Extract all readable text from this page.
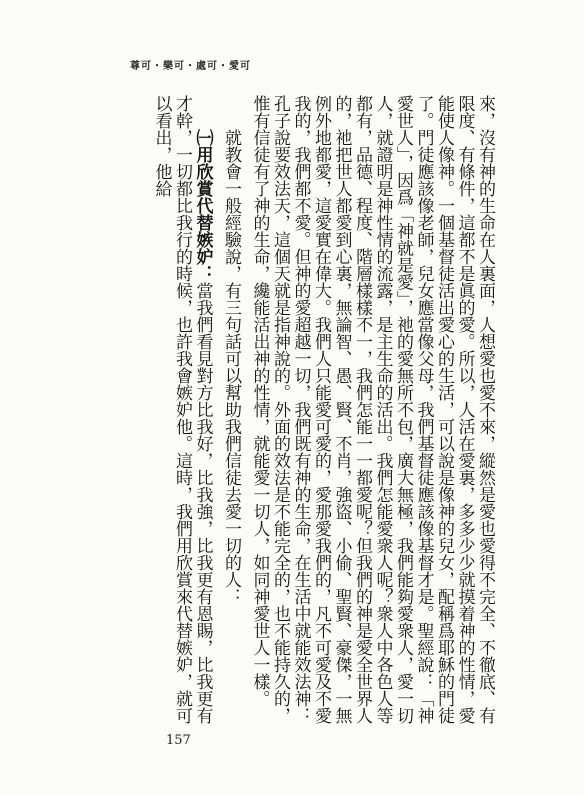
尊可・樂可・處可・愛可

來，沒有神的生命在人裏面，人想愛也愛不來，縱然是愛也愛得不完全、不徹底、有限度、有條件，這都不是眞的愛。所以，人活在愛裏，多多少少就摸着神的性情，愛能使人像神。一個基督徒活出愛心的生活，可以說是像神的兒女，配稱爲耶穌的門徒了。門徒應該像老師，兒女應當像父母，我們基督徒應該像基督才是。聖經說：「神愛世人」，因爲「神就是愛」，祂的愛無所不包，廣大無極，我們能夠愛衆人，愛一切人，就證明是神性情的流露，是主生命的活出。我們怎能愛衆人呢？衆人中各色人等都有，品德、程度、階層樣樣不一，我們怎能一一都愛呢？但我們的神是愛全世界人的，祂把世人都愛到心裏，無論智、愚、賢、不肖，強盜、小偷、聖賢、豪傑，一無例外地都愛，這愛實在偉大。我們人只能愛可愛的，愛那愛我們的，凡不可愛及不愛我的，我們都不愛。但神的愛超越一切，我們既有神的生命，在生活中就能效法神：孔子說要效法天，這個天就是指神說的。外面的效法是不能完全的，也不能持久的，惟有信徒有了神的生命，纔能活出神的性情，就能愛一切人，如同神愛世人一樣。

就教會一般經驗說，有三句話可以幫助我們信徒去愛一切的人：

㈠用欣賞代替嫉妒：當我們看見對方比我好，比我強，比我更有恩賜，比我更有才幹，一切都比我行的時候，也許我會嫉妒他。這時，我們用欣賞來代替嫉妒，就可以看出，他給

157
